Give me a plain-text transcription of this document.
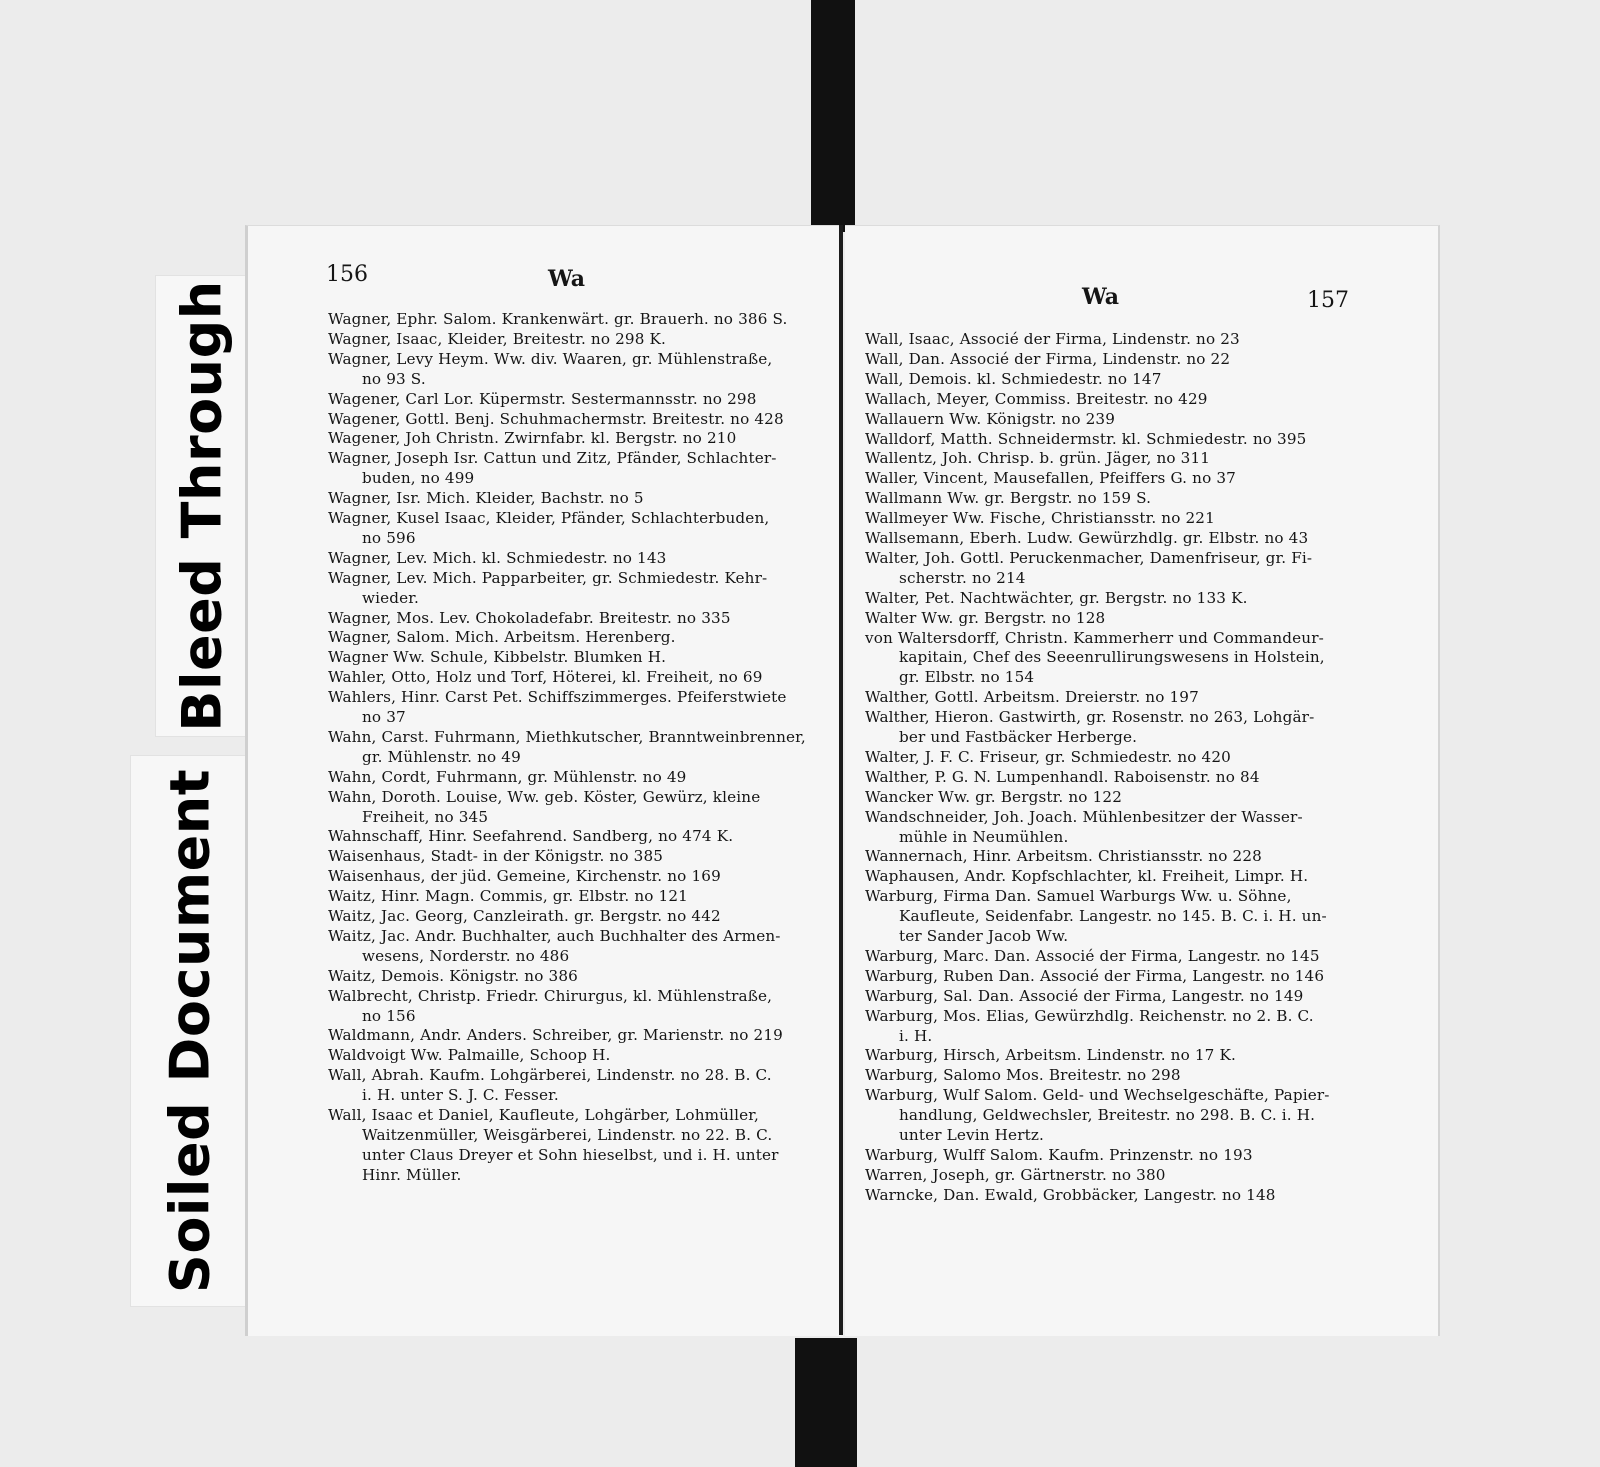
Bleed Through
Soiled Document
156	Wa
Wagner, Ephr. Salom. Krankenwärt. gr. Brauerh. no 386 S.
Wagner, Isaac, Kleider, Breitestr. no 298 K.
Wagner, Levy Heym. Ww. div. Waaren, gr. Mühlenstraße,
no 93 S.
Wagener, Carl Lor. Küpermstr. Sestermannsstr. no 298
Wagener, Gottl. Benj. Schuhmachermstr. Breitestr. no 428
Wagener, Joh Christn. Zwirnfabr. kl. Bergstr. no 210
Wagner, Joseph Isr. Cattun und Zitz, Pfänder, Schlachter-
buden, no 499
Wagner, Isr. Mich. Kleider, Bachstr. no 5
Wagner, Kusel Isaac, Kleider, Pfänder, Schlachterbuden,
no 596
Wagner, Lev. Mich. kl. Schmiedestr. no 143
Wagner, Lev. Mich. Papparbeiter, gr. Schmiedestr. Kehr-
wieder.
Wagner, Mos. Lev. Chokoladefabr. Breitestr. no 335
Wagner, Salom. Mich. Arbeitsm. Herenberg.
Wagner Ww. Schule, Kibbelstr. Blumken H.
Wahler, Otto, Holz und Torf, Höterei, kl. Freiheit, no 69
Wahlers, Hinr. Carst Pet. Schiffszimmerges. Pfeiferstwiete
no 37
Wahn, Carst. Fuhrmann, Miethkutscher, Branntweinbrenner,
gr. Mühlenstr. no 49
Wahn, Cordt, Fuhrmann, gr. Mühlenstr. no 49
Wahn, Doroth. Louise, Ww. geb. Köster, Gewürz, kleine
Freiheit, no 345
Wahnschaff, Hinr. Seefahrend. Sandberg, no 474 K.
Waisenhaus, Stadt- in der Königstr. no 385
Waisenhaus, der jüd. Gemeine, Kirchenstr. no 169
Waitz, Hinr. Magn. Commis, gr. Elbstr. no 121
Waitz, Jac. Georg, Canzleirath. gr. Bergstr. no 442
Waitz, Jac. Andr. Buchhalter, auch Buchhalter des Armen-
wesens, Norderstr. no 486
Waitz, Demois. Königstr. no 386
Walbrecht, Christp. Friedr. Chirurgus, kl. Mühlenstraße,
no 156
Waldmann, Andr. Anders. Schreiber, gr. Marienstr. no 219
Waldvoigt Ww. Palmaille, Schoop H.
Wall, Abrah. Kaufm. Lohgärberei, Lindenstr. no 28. B. C.
i. H. unter S. J. C. Fesser.
Wall, Isaac et Daniel, Kaufleute, Lohgärber, Lohmüller,
Waitzenmüller, Weisgärberei, Lindenstr. no 22. B. C.
unter Claus Dreyer et Sohn hieselbst, und i. H. unter
Hinr. Müller.
Wa	157
Wall, Isaac, Associé der Firma, Lindenstr. no 23
Wall, Dan. Associé der Firma, Lindenstr. no 22
Wall, Demois. kl. Schmiedestr. no 147
Wallach, Meyer, Commiss. Breitestr. no 429
Wallauern Ww. Königstr. no 239
Walldorf, Matth. Schneidermstr. kl. Schmiedestr. no 395
Wallentz, Joh. Chrisp. b. grün. Jäger, no 311
Waller, Vincent, Mausefallen, Pfeiffers G. no 37
Wallmann Ww. gr. Bergstr. no 159 S.
Wallmeyer Ww. Fische, Christiansstr. no 221
Wallsemann, Eberh. Ludw. Gewürzhdlg. gr. Elbstr. no 43
Walter, Joh. Gottl. Peruckenmacher, Damenfriseur, gr. Fi-
scherstr. no 214
Walter, Pet. Nachtwächter, gr. Bergstr. no 133 K.
Walter Ww. gr. Bergstr. no 128
von Waltersdorff, Christn. Kammerherr und Commandeur-
kapitain, Chef des Seeenrullirungswesens in Holstein,
gr. Elbstr. no 154
Walther, Gottl. Arbeitsm. Dreierstr. no 197
Walther, Hieron. Gastwirth, gr. Rosenstr. no 263, Lohgär-
ber und Fastbäcker Herberge.
Walter, J. F. C. Friseur, gr. Schmiedestr. no 420
Walther, P. G. N. Lumpenhandl. Raboisenstr. no 84
Wancker Ww. gr. Bergstr. no 122
Wandschneider, Joh. Joach. Mühlenbesitzer der Wasser-
mühle in Neumühlen.
Wannernach, Hinr. Arbeitsm. Christiansstr. no 228
Waphausen, Andr. Kopfschlachter, kl. Freiheit, Limpr. H.
Warburg, Firma Dan. Samuel Warburgs Ww. u. Söhne,
Kaufleute, Seidenfabr. Langestr. no 145. B. C. i. H. un-
ter Sander Jacob Ww.
Warburg, Marc. Dan. Associé der Firma, Langestr. no 145
Warburg, Ruben Dan. Associé der Firma, Langestr. no 146
Warburg, Sal. Dan. Associé der Firma, Langestr. no 149
Warburg, Mos. Elias, Gewürzhdlg. Reichenstr. no 2. B. C.
i. H.
Warburg, Hirsch, Arbeitsm. Lindenstr. no 17 K.
Warburg, Salomo Mos. Breitestr. no 298
Warburg, Wulf Salom. Geld- und Wechselgeschäfte, Papier-
handlung, Geldwechsler, Breitestr. no 298. B. C. i. H.
unter Levin Hertz.
Warburg, Wulff Salom. Kaufm. Prinzenstr. no 193
Warren, Joseph, gr. Gärtnerstr. no 380
Warncke, Dan. Ewald, Grobbäcker, Langestr. no 148
